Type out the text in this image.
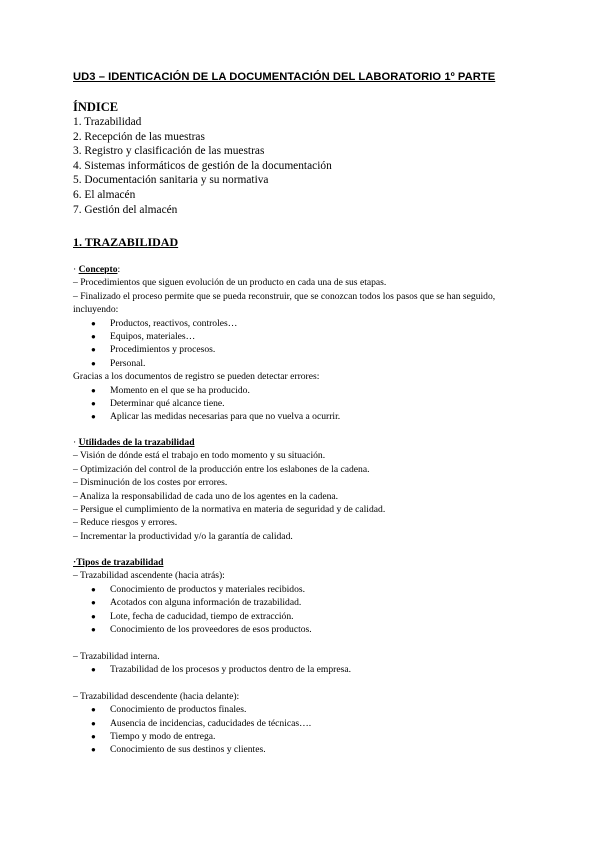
UD3 – IDENTICACIÓN DE LA DOCUMENTACIÓN DEL LABORATORIO 1º PARTE
ÍNDICE
1. Trazabilidad
2. Recepción de las muestras
3. Registro y clasificación de las muestras
4. Sistemas informáticos de gestión de la documentación
5. Documentación sanitaria y su normativa
6. El almacén
7. Gestión del almacén
1. TRAZABILIDAD
· Concepto:
– Procedimientos que siguen evolución de un producto en cada una de sus etapas.
– Finalizado el proceso permite que se pueda reconstruir, que se conozcan todos los pasos que se han seguido,
incluyendo:
● Productos, reactivos, controles…
● Equipos, materiales…
● Procedimientos y procesos.
● Personal.
Gracias a los documentos de registro se pueden detectar errores:
● Momento en el que se ha producido.
● Determinar qué alcance tiene.
● Aplicar las medidas necesarias para que no vuelva a ocurrir.
· Utilidades de la trazabilidad
– Visión de dónde está el trabajo en todo momento y su situación.
– Optimización del control de la producción entre los eslabones de la cadena.
– Disminución de los costes por errores.
– Analiza la responsabilidad de cada uno de los agentes en la cadena.
– Persigue el cumplimiento de la normativa en materia de seguridad y de calidad.
– Reduce riesgos y errores.
– Incrementar la productividad y/o la garantía de calidad.
·Tipos de trazabilidad
– Trazabilidad ascendente (hacia atrás):
● Conocimiento de productos y materiales recibidos.
● Acotados con alguna información de trazabilidad.
● Lote, fecha de caducidad, tiempo de extracción.
● Conocimiento de los proveedores de esos productos.
– Trazabilidad interna.
● Trazabilidad de los procesos y productos dentro de la empresa.
– Trazabilidad descendente (hacia delante):
● Conocimiento de productos finales.
● Ausencia de incidencias, caducidades de técnicas….
● Tiempo y modo de entrega.
● Conocimiento de sus destinos y clientes.
